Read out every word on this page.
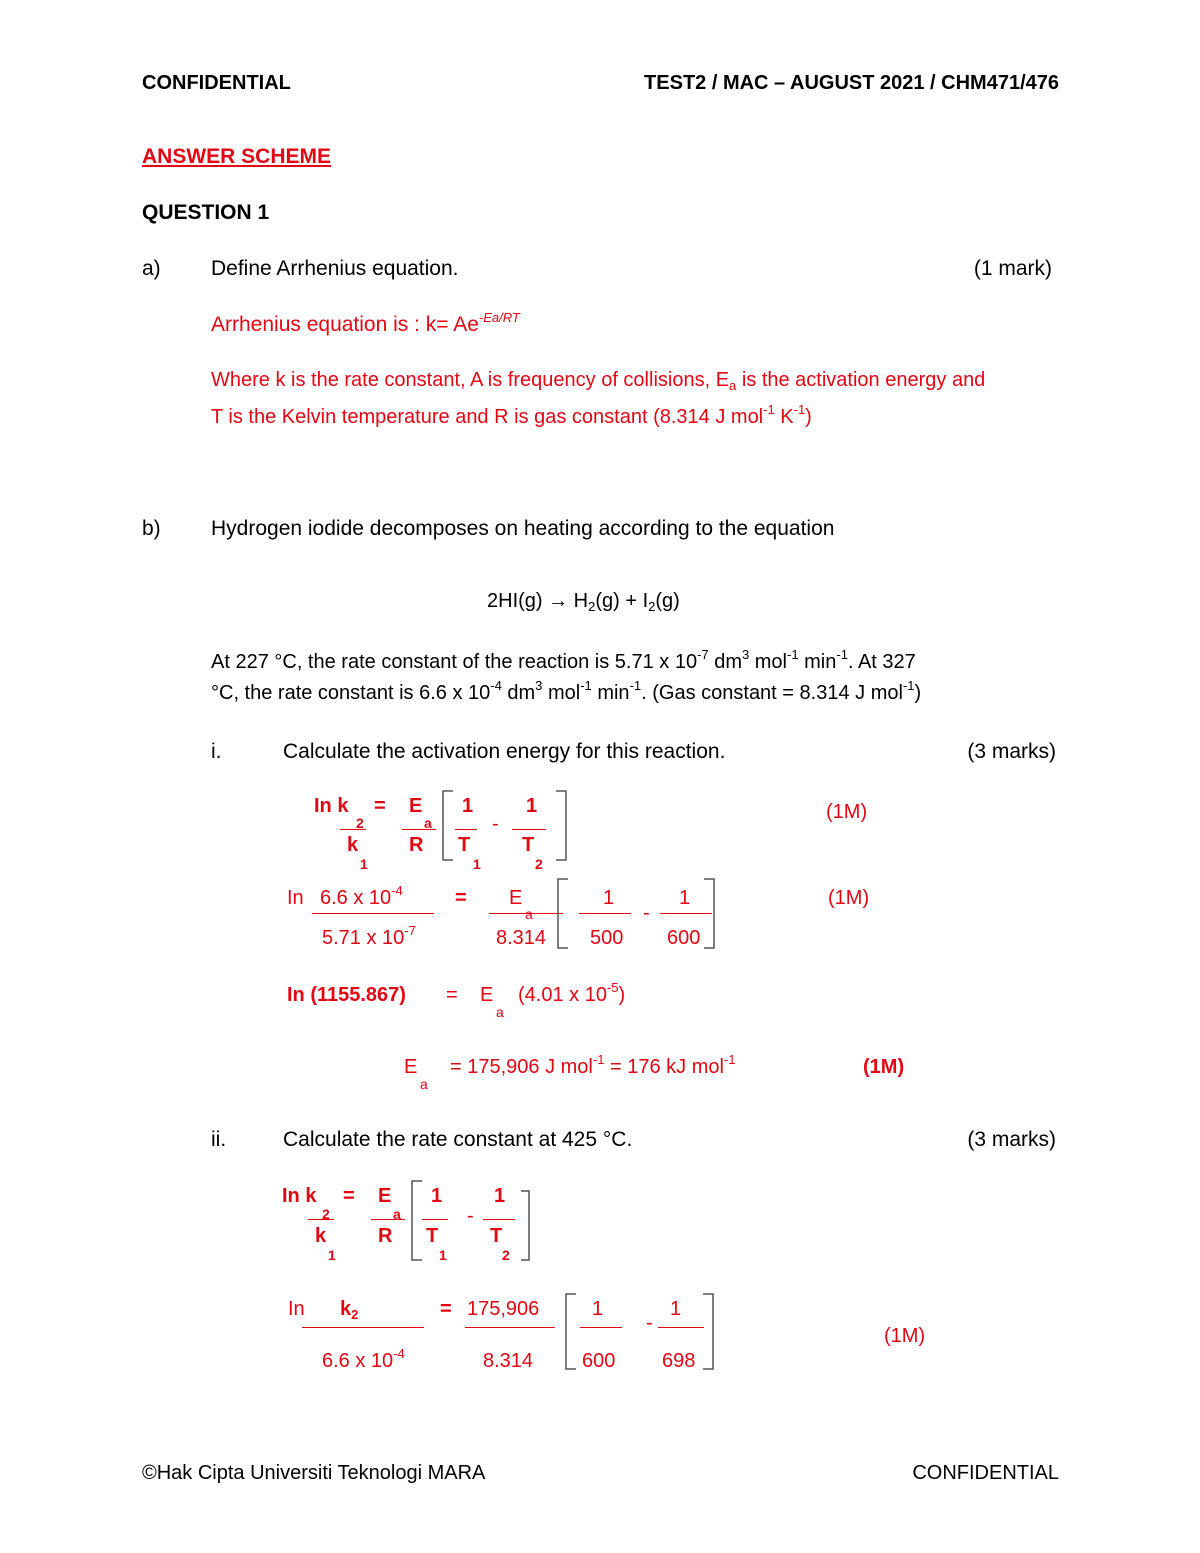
CONFIDENTIAL	TEST2 / MAC – AUGUST 2021 / CHM471/476
ANSWER SCHEME
QUESTION 1
a) Define Arrhenius equation.	(1 mark)
Arrhenius equation is : $k= Ae^{-Ea/RT}$
Where k is the rate constant, A is frequency of collisions, $E_a$ is the activation energy and
T is the Kelvin temperature and R is gas constant (8.314 J mol$^{-1}$ $K^{-1}$)
b) Hydrogen iodide decomposes on heating according to the equation
$2HI(g) \to H_2(g) + I_2(g)$
At 227 °C, the rate constant of the reaction is 5.71 x $10^{-7}$ $dm^3$ mol$^{-1}$ $\min^{-1}$. At 327
°C, the rate constant is 6.6 x $10^{-4}$ $dm^3$ mol$^{-1}$ $\min^{-1}$. (Gas constant = 8.314 J mol$^{-1}$)
i.	Calculate the activation energy for this reaction.	(3 marks)
In k
2
k
1
= E
a
R
1
T
1
-
1
T
2
(1M)
In 6.6 x $10^{-4}$
5.71 x $10^{-7}$
= E
a
8.314
1
500
-
1
600
(1M)
In (1155.867) = E
a
(4.01 x $10^{-5}$)
E
a
= 175,906 J mol$^{-1}$ = 176 kJ mol$^{-1}$	(1M)
ii.	Calculate the rate constant at 425 °C.	(3 marks)
In k
2
k
1
= E
a
R
1
T
1
-
1
T
2
In $k_2$
6.6 x $10^{-4}$
= 175,906
8.314
1
600
-
1
698
(1M)
©Hak Cipta Universiti Teknologi MARA	CONFIDENTIAL
